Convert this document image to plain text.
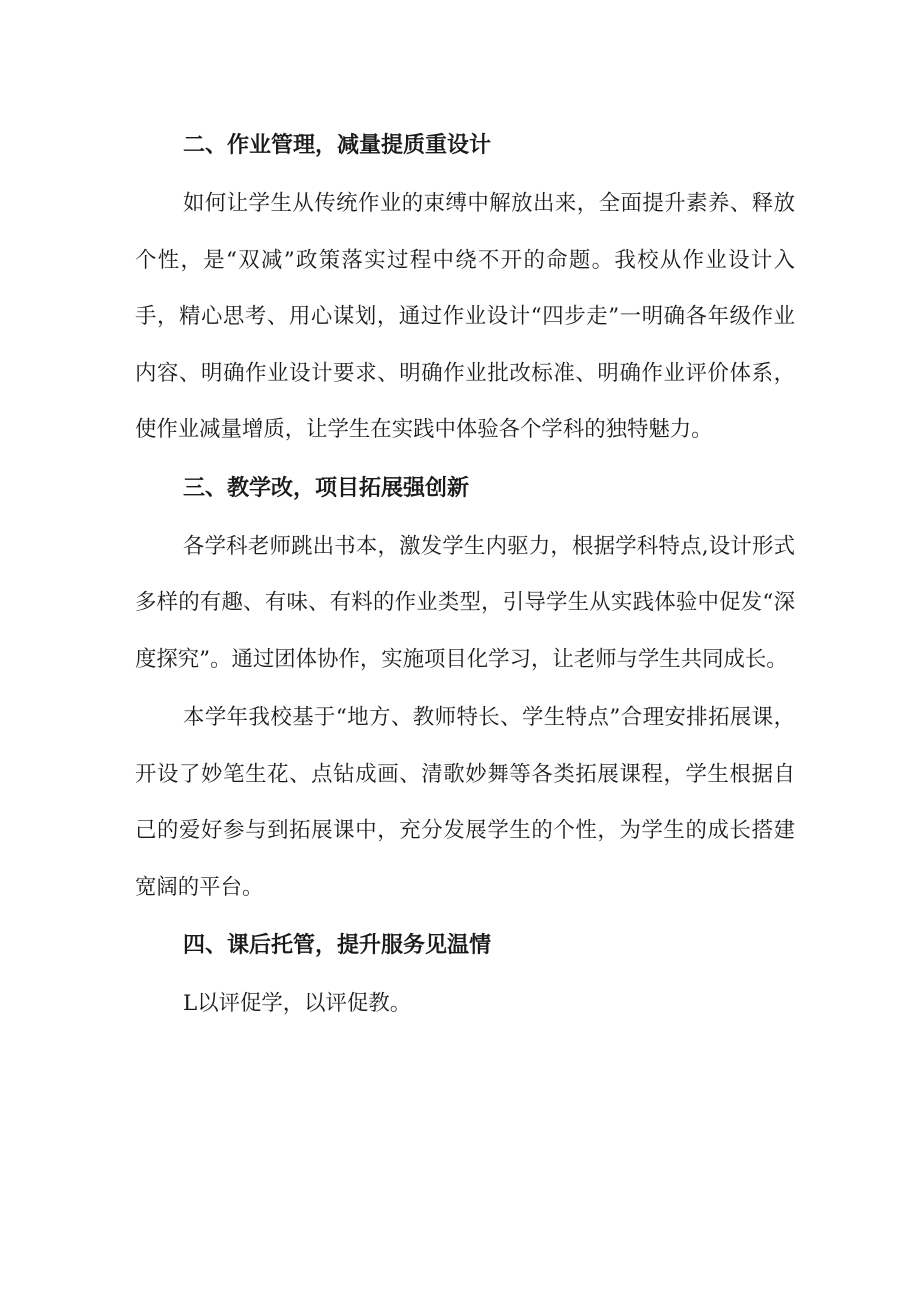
二、作业管理，减量提质重设计

如何让学生从传统作业的束缚中解放出来，全面提升素养、释放个性，是“双减”政策落实过程中绕不开的命题。我校从作业设计入手，精心思考、用心谋划，通过作业设计“四步走”一明确各年级作业内容、明确作业设计要求、明确作业批改标准、明确作业评价体系，使作业减量增质，让学生在实践中体验各个学科的独特魅力。

三、教学改，项目拓展强创新

各学科老师跳出书本，激发学生内驱力，根据学科特点,设计形式多样的有趣、有味、有料的作业类型，引导学生从实践体验中促发“深度探究”。通过团体协作，实施项目化学习，让老师与学生共同成长。

本学年我校基于“地方、教师特长、学生特点”合理安排拓展课，开设了妙笔生花、点钻成画、清歌妙舞等各类拓展课程，学生根据自己的爱好参与到拓展课中，充分发展学生的个性，为学生的成长搭建宽阔的平台。

四、课后托管，提升服务见温情

L以评促学，以评促教。
